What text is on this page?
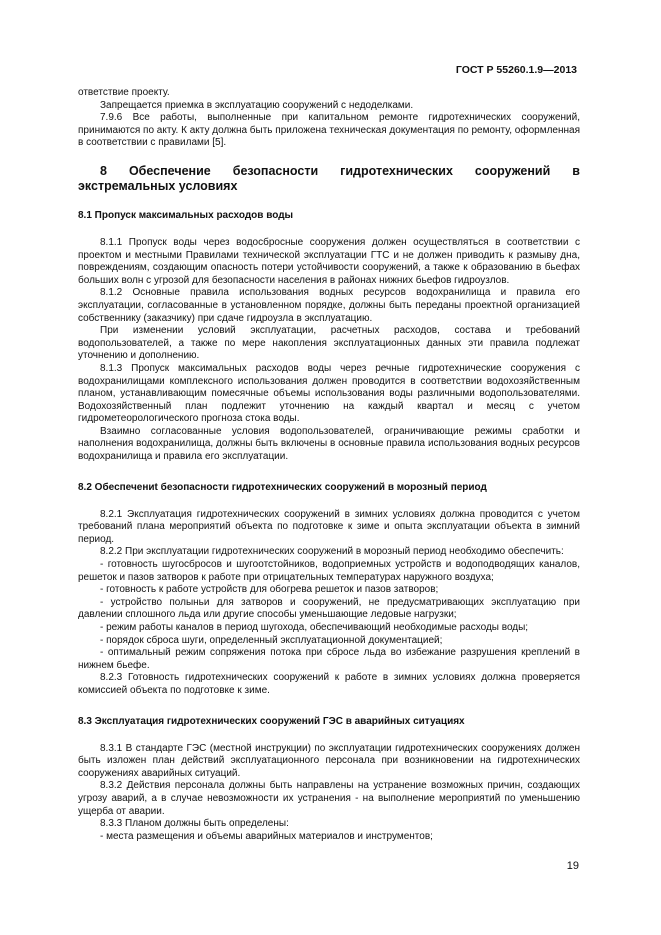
ГОСТ Р 55260.1.9—2013

ответствие проекту.

Запрещается приемка в эксплуатацию сооружений с недоделками.

7.9.6 Все работы, выполненные при капитальном ремонте гидротехнических сооружений, принимаются по акту. К акту должна быть приложена техническая документация по ремонту, оформленная в соответствии с правилами [5].

8 Обеспечение безопасности гидротехнических сооружений в экстремальных условиях
8.1 Пропуск максимальных расходов воды

8.1.1 Пропуск воды через водосбросные сооружения должен осуществляться в соответствии с проектом и местными Правилами технической эксплуатации ГТС и не должен приводить к размыву дна, повреждениям, создающим опасность потери устойчивости сооружений, а также к образованию в бьефах больших волн с угрозой для безопасности населения в районах нижних бьефов гидроузлов.

8.1.2 Основные правила использования водных ресурсов водохранилища и правила его эксплуатации, согласованные в установленном порядке, должны быть переданы проектной организацией собственнику (заказчику) при сдаче гидроузла в эксплуатацию.

При изменении условий эксплуатации, расчетных расходов, состава и требований водопользователей, а также по мере накопления эксплуатационных данных эти правила подлежат уточнению и дополнению.

8.1.3 Пропуск максимальных расходов воды через речные гидротехнические сооружения с водохранилищами комплексного использования должен проводится в соответствии водохозяйственным планом, устанавливающим помесячные объемы использования воды различными водопользователями. Водохозяйственный план подлежит уточнению на каждый квартал и месяц с учетом гидрометеорологического прогноза стока воды.

Взаимно согласованные условия водопользователей, ограничивающие режимы сработки и наполнения водохранилища, должны быть включены в основные правила использования водных ресурсов водохранилища и правила его эксплуатации.

8.2 Обеспечениt безопасности гидротехнических сооружений в морозный период

8.2.1 Эксплуатация гидротехнических сооружений в зимних условиях должна проводится с учетом требований плана мероприятий объекта по подготовке к зиме и опыта эксплуатации объекта в зимний период.

8.2.2 При эксплуатации гидротехнических сооружений в морозный период необходимо обеспечить:

- готовность шугосбросов и шугоотстойников, водоприемных устройств и водоподводящих каналов, решеток и пазов затворов к работе при отрицательных температурах наружного воздуха;

- готовность к работе устройств для обогрева решеток и пазов затворов;

- устройство полыньи для затворов и сооружений, не предусматривающих эксплуатацию при давлении сплошного льда или другие способы уменьшающие ледовые нагрузки;

- режим работы каналов в период шугохода, обеспечивающий необходимые расходы воды;

- порядок сброса шуги, определенный эксплуатационной документацией;

- оптимальный режим сопряжения потока при сбросе льда во избежание разрушения креплений в нижнем бьефе.

8.2.3 Готовность гидротехнических сооружений к работе в зимних условиях должна проверяется комиссией объекта по подготовке к зиме.

8.3 Эксплуатация гидротехнических сооружений ГЭС в аварийных ситуациях

8.3.1 В стандарте ГЭС (местной инструкции) по эксплуатации гидротехнических сооружениях должен быть изложен план действий эксплуатационного персонала при возникновении на гидротехнических сооружениях аварийных ситуаций.

8.3.2 Действия персонала должны быть направлены на устранение возможных причин, создающих угрозу аварий, а в случае невозможности их устранения - на выполнение мероприятий по уменьшению ущерба от аварии.

8.3.3 Планом должны быть определены:

- места размещения и объемы аварийных материалов и инструментов;

19
